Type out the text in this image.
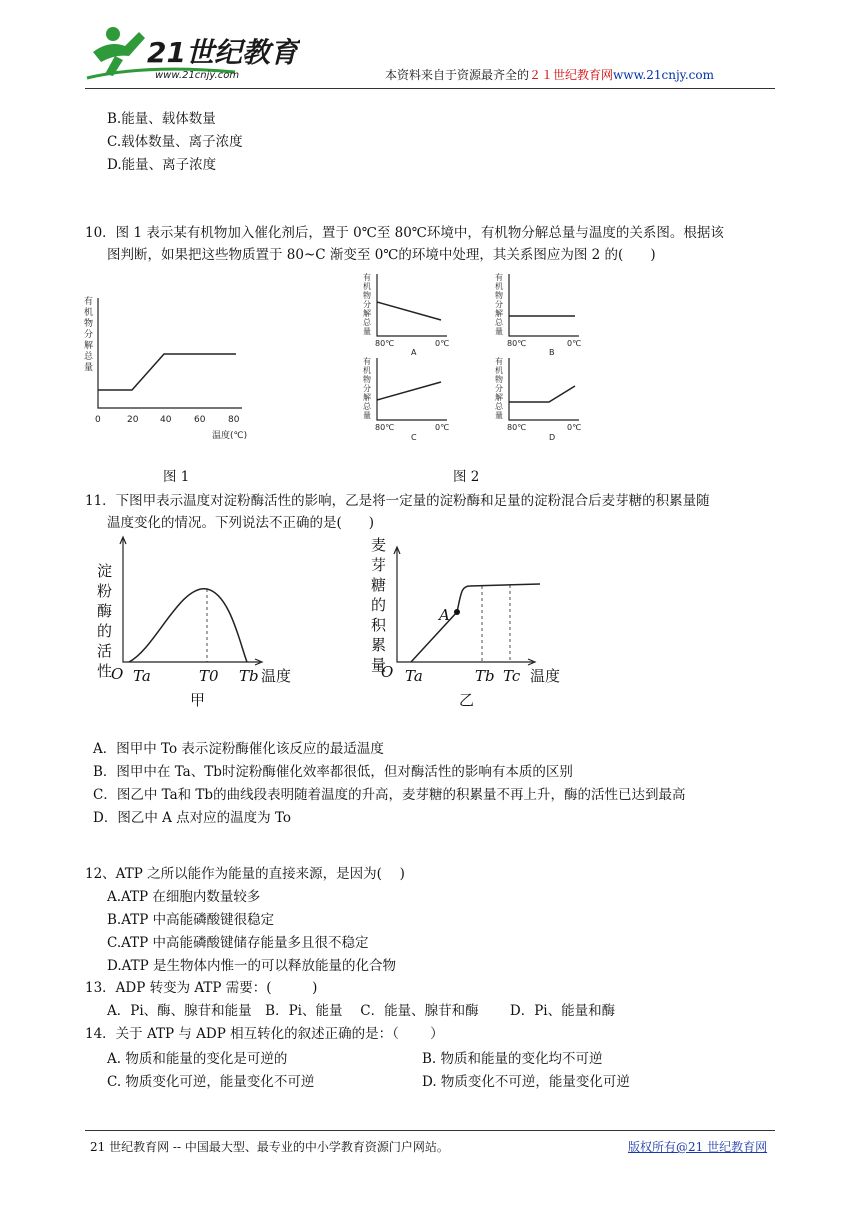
21世纪教育
www.21cnjy.com	本资料来自于资源最齐全的２１世纪教育网www.21cnjy.com
B.能量、载体数量
C.载体数量、离子浓度
D.能量、离子浓度
10．图 1 表示某有机物加入催化剂后，置于 0℃至 80℃环境中，有机物分解总量与温度的关系图。根据该
图判断，如果把这些物质置于 80~C 渐变至 0℃的环境中处理，其关系图应为图 2 的(　　)
有
机
物
分
解
总
量
0	20 40	60	80
温度(℃)
有
机
物
分
解
总
量
80℃	0℃
A
有
机
物
分
解
总
量
80℃	0℃
B
有
机
物
分
解
总
量
80℃	0℃
C
有
机
物
分
解
总
量
80℃	0℃
D
图 1	图 2
11．下图甲表示温度对淀粉酶活性的影响，乙是将一定量的淀粉酶和足量的淀粉混合后麦芽糖的积累量随
温度变化的情况。下列说法不正确的是(　　)
淀
粉
酶
的
活
性
O Ta	T0 Tb 温度
甲
麦
芽
糖
的
积
累
量
A
O Ta	Tb Tc 温度
乙
A．图甲中 To 表示淀粉酶催化该反应的最适温度
B．图甲中在 Ta、Tb时淀粉酶催化效率都很低，但对酶活性的影响有本质的区别
C．图乙中 Ta和 Tb的曲线段表明随着温度的升高，麦芽糖的积累量不再上升，酶的活性已达到最高
D．图乙中 A 点对应的温度为 To
12、ATP 之所以能作为能量的直接来源，是因为(　 )
A.ATP 在细胞内数量较多
B.ATP 中高能磷酸键很稳定
C.ATP 中高能磷酸键储存能量多且很不稳定
D.ATP 是生物体内惟一的可以释放能量的化合物
13．ADP 转变为 ATP 需要：(　　　)
A．Pi、酶、腺苷和能量　B．Pi、能量　 C．能量、腺苷和酶　　 D．Pi、能量和酶
14．关于 ATP 与 ADP 相互转化的叙述正确的是：（　　 ）
A. 物质和能量的变化是可逆的	B. 物质和能量的变化均不可逆
C. 物质变化可逆，能量变化不可逆	D. 物质变化不可逆，能量变化可逆
21 世纪教育网 -- 中国最大型、最专业的中小学教育资源门户网站。	版权所有@21 世纪教育网
